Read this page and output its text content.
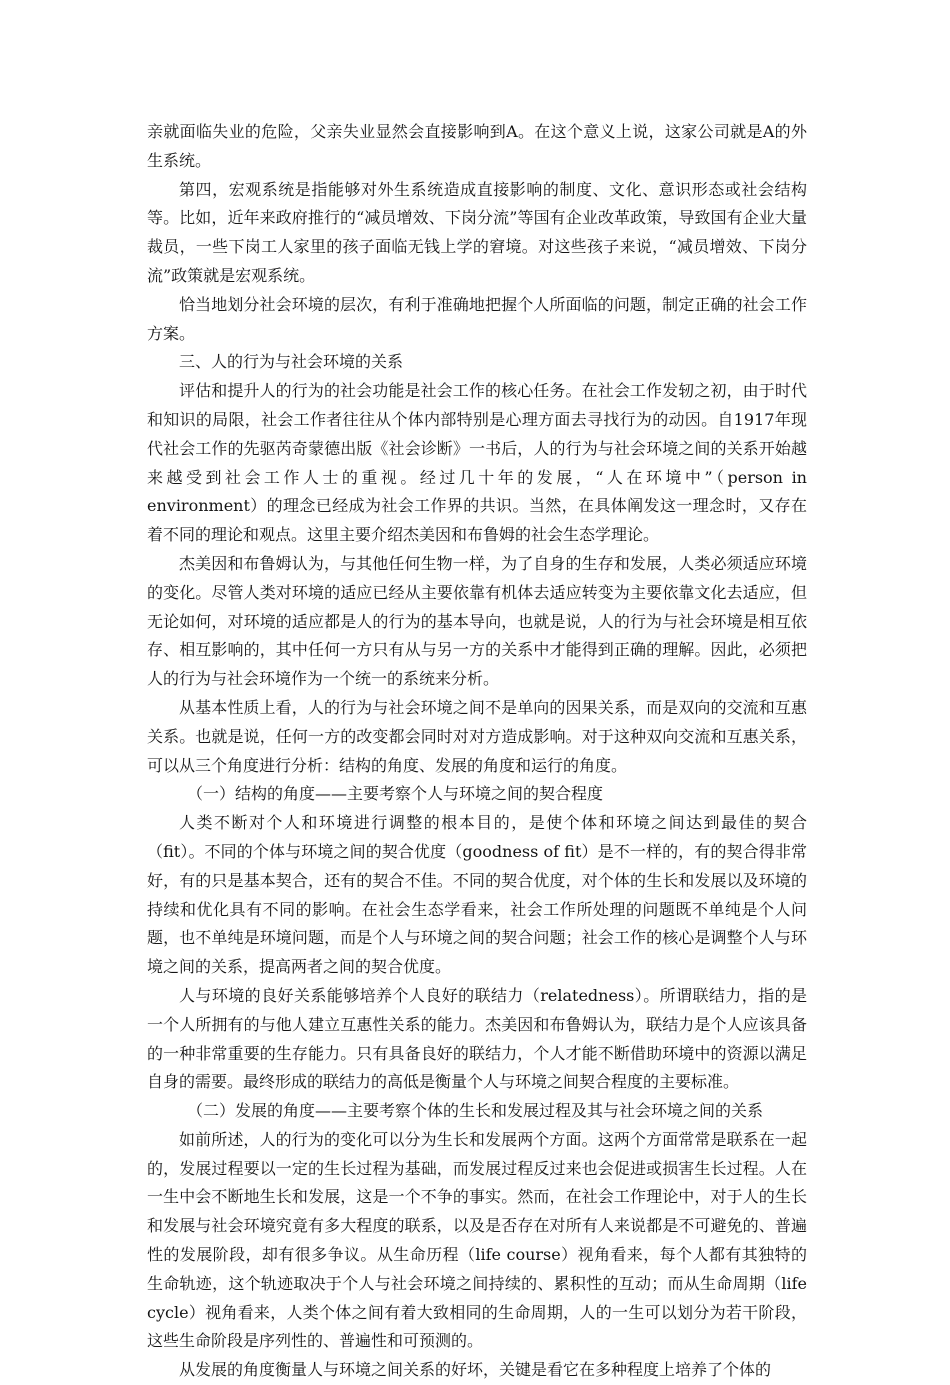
亲就面临失业的危险，父亲失业显然会直接影响到A。在这个意义上说，这家公司就是A的外生系统。

第四，宏观系统是指能够对外生系统造成直接影响的制度、文化、意识形态或社会结构等。比如，近年来政府推行的“减员增效、下岗分流”等国有企业改革政策，导致国有企业大量裁员，一些下岗工人家里的孩子面临无钱上学的窘境。对这些孩子来说，“减员增效、下岗分流”政策就是宏观系统。

恰当地划分社会环境的层次，有利于准确地把握个人所面临的问题，制定正确的社会工作方案。

三、人的行为与社会环境的关系

评估和提升人的行为的社会功能是社会工作的核心任务。在社会工作发轫之初，由于时代和知识的局限，社会工作者往往从个体内部特别是心理方面去寻找行为的动因。自1917年现代社会工作的先驱芮奇蒙德出版《社会诊断》一书后，人的行为与社会环境之间的关系开始越来越受到社会工作人士的重视。经过几十年的发展，“人在环境中”（person in environment）的理念已经成为社会工作界的共识。当然，在具体阐发这一理念时，又存在着不同的理论和观点。这里主要介绍杰美因和布鲁姆的社会生态学理论。

杰美因和布鲁姆认为，与其他任何生物一样，为了自身的生存和发展，人类必须适应环境的变化。尽管人类对环境的适应已经从主要依靠有机体去适应转变为主要依靠文化去适应，但无论如何，对环境的适应都是人的行为的基本导向，也就是说，人的行为与社会环境是相互依存、相互影响的，其中任何一方只有从与另一方的关系中才能得到正确的理解。因此，必须把人的行为与社会环境作为一个统一的系统来分析。

从基本性质上看，人的行为与社会环境之间不是单向的因果关系，而是双向的交流和互惠关系。也就是说，任何一方的改变都会同时对对方造成影响。对于这种双向交流和互惠关系，可以从三个角度进行分析：结构的角度、发展的角度和运行的角度。

（一）结构的角度——主要考察个人与环境之间的契合程度

人类不断对个人和环境进行调整的根本目的，是使个体和环境之间达到最佳的契合（fit）。不同的个体与环境之间的契合优度（goodness of fit）是不一样的，有的契合得非常好，有的只是基本契合，还有的契合不佳。不同的契合优度，对个体的生长和发展以及环境的持续和优化具有不同的影响。在社会生态学看来，社会工作所处理的问题既不单纯是个人问题，也不单纯是环境问题，而是个人与环境之间的契合问题；社会工作的核心是调整个人与环境之间的关系，提高两者之间的契合优度。

人与环境的良好关系能够培养个人良好的联结力（relatedness）。所谓联结力，指的是一个人所拥有的与他人建立互惠性关系的能力。杰美因和布鲁姆认为，联结力是个人应该具备的一种非常重要的生存能力。只有具备良好的联结力，个人才能不断借助环境中的资源以满足自身的需要。最终形成的联结力的高低是衡量个人与环境之间契合程度的主要标准。

（二）发展的角度——主要考察个体的生长和发展过程及其与社会环境之间的关系

如前所述，人的行为的变化可以分为生长和发展两个方面。这两个方面常常是联系在一起的，发展过程要以一定的生长过程为基础，而发展过程反过来也会促进或损害生长过程。人在一生中会不断地生长和发展，这是一个不争的事实。然而，在社会工作理论中，对于人的生长和发展与社会环境究竟有多大程度的联系，以及是否存在对所有人来说都是不可避免的、普遍性的发展阶段，却有很多争议。从生命历程（life course）视角看来，每个人都有其独特的生命轨迹，这个轨迹取决于个人与社会环境之间持续的、累积性的互动；而从生命周期（life cycle）视角看来，人类个体之间有着大致相同的生命周期，人的一生可以划分为若干阶段，这些生命阶段是序列性的、普遍性和可预测的。

从发展的角度衡量人与环境之间关系的好坏，关键是看它在多种程度上培养了个体的
